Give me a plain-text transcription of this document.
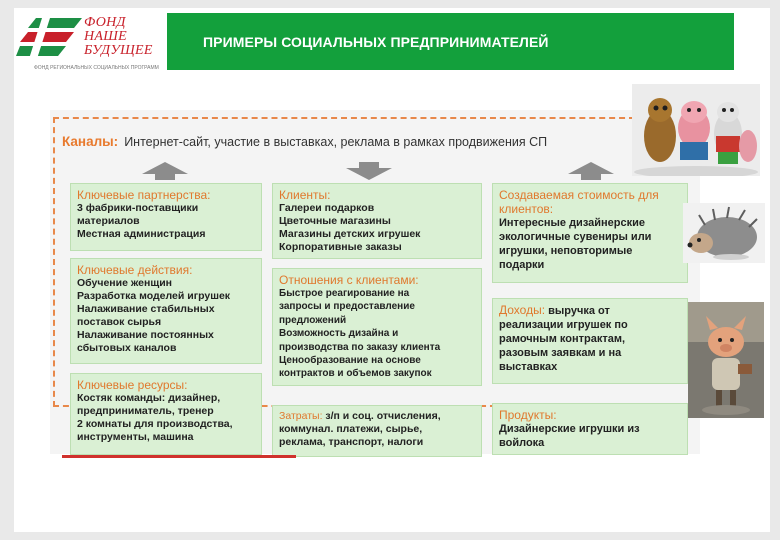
ФОНД
НАШЕ
БУДУЩЕЕ
ФОНД РЕГИОНАЛЬНЫХ СОЦИАЛЬНЫХ ПРОГРАММ
ПРИМЕРЫ СОЦИАЛЬНЫХ ПРЕДПРИНИМАТЕЛЕЙ
Каналы: Интернет-сайт, участие в выставках, реклама в рамках продвижения СП
Ключевые партнерства:
3 фабрики-поставщики
материалов
Местная администрация
Ключевые действия:
Обучение женщин
Разработка моделей игрушек
Налаживание стабильных
поставок сырья
Налаживание постоянных
сбытовых каналов
Ключевые ресурсы:
Костяк команды: дизайнер,
предприниматель, тренер
2 комнаты для производства,
инструменты, машина
Клиенты:
Галереи подарков
Цветочные магазины
Магазины детских игрушек
Корпоративные заказы
Отношения с клиентами:
Быстрое реагирование на
запросы и предоставление
предложений
Возможность дизайна и
производства по заказу клиента
Ценообразование на основе
контрактов и объемов закупок
Затраты: з/п и соц. отчисления,
коммунал. платежи, сырье,
реклама, транспорт, налоги
Создаваемая стоимость для
клиентов:
Интересные дизайнерские
экологичные сувениры или
игрушки, неповторимые
подарки
Доходы: выручка от
реализации игрушек по
рамочным контрактам,
разовым заявкам и на
выставках
Продукты:
Дизайнерские игрушки из
войлока
